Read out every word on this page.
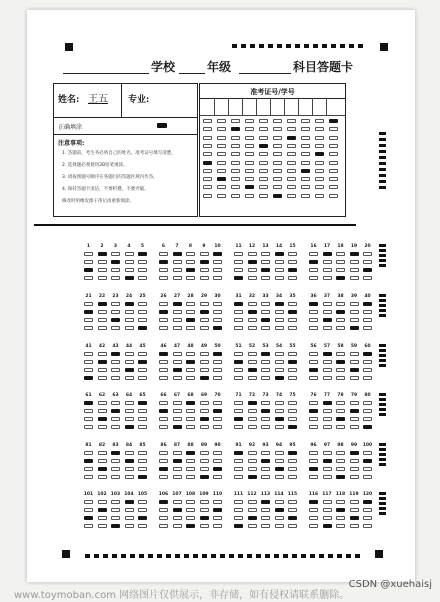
学校	年级	科目答题卡
姓名: 王五 专业:
正确填涂
注意事项:
1. 答题前，考生务必将自己的姓名、准考证号填写清楚。
2. 选择题必须使用2B铅笔填涂。
3. 请按照题号顺序在各题目的答题区域内作答。
4. 保持答题卡清洁，不要折叠，不要弄破。
修改时用橡皮擦干净后再重新填涂。
准考证号/学号
1	2	3	4	5	6	7	8	9	10	11	12	13	14	15	16	17	18	19	20
21	22	23	24	25	26	27	28	29	30	31	32	33	34	35	36	37	38	39	40
41	42	43	44	45	46	47	48	49	50	51	52	53	54	55	56	57	58	59	60
61	62	63	64	65	66	67	68	69	70	71	72	73	74	75	76	77	78	79	80
81	82	83	84	85	86	87	88	89	90	91	92	93	94	95	96	97	98	99	100
101 102 103 104 105	106 107 108 109 110	111 112 113 114 115	116 117 118 119 120
www.toymoban.com 网络图片仅供展示，非存储，如有侵权请联系删除。
CSDN @xuehaisj
